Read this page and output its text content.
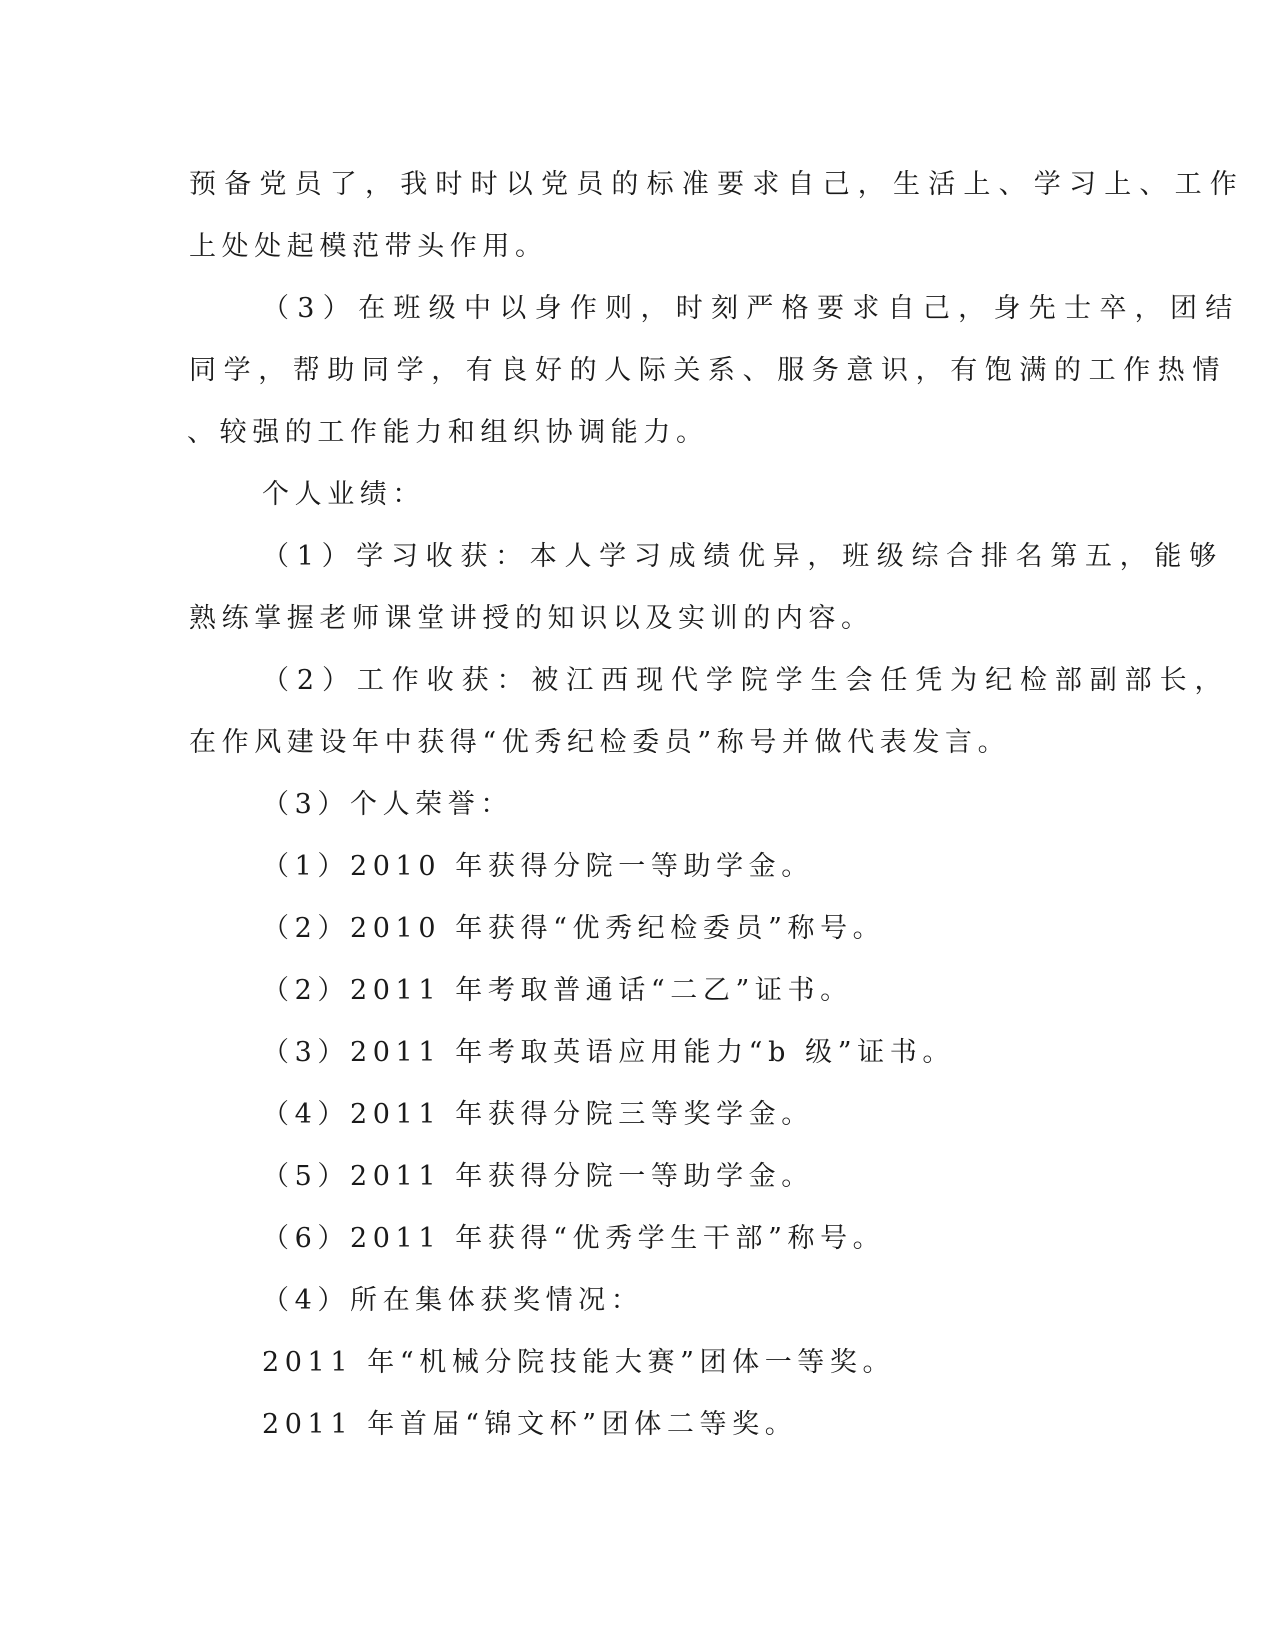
预备党员了，我时时以党员的标准要求自己，生活上、学习上、工作
上处处起模范带头作用。
（3）在班级中以身作则，时刻严格要求自己，身先士卒，团结
同学，帮助同学，有良好的人际关系、服务意识，有饱满的工作热情
、较强的工作能力和组织协调能力。
个人业绩：
（1）学习收获：本人学习成绩优异，班级综合排名第五，能够
熟练掌握老师课堂讲授的知识以及实训的内容。
（2）工作收获：被江西现代学院学生会任凭为纪检部副部长，
在作风建设年中获得“优秀纪检委员”称号并做代表发言。
（3）个人荣誉：
（1）2010 年获得分院一等助学金。
（2）2010 年获得“优秀纪检委员”称号。
（2）2011 年考取普通话“二乙”证书。
（3）2011 年考取英语应用能力“b 级”证书。
（4）2011 年获得分院三等奖学金。
（5）2011 年获得分院一等助学金。
（6）2011 年获得“优秀学生干部”称号。
（4）所在集体获奖情况：
2011 年“机械分院技能大赛”团体一等奖。
2011 年首届“锦文杯”团体二等奖。
